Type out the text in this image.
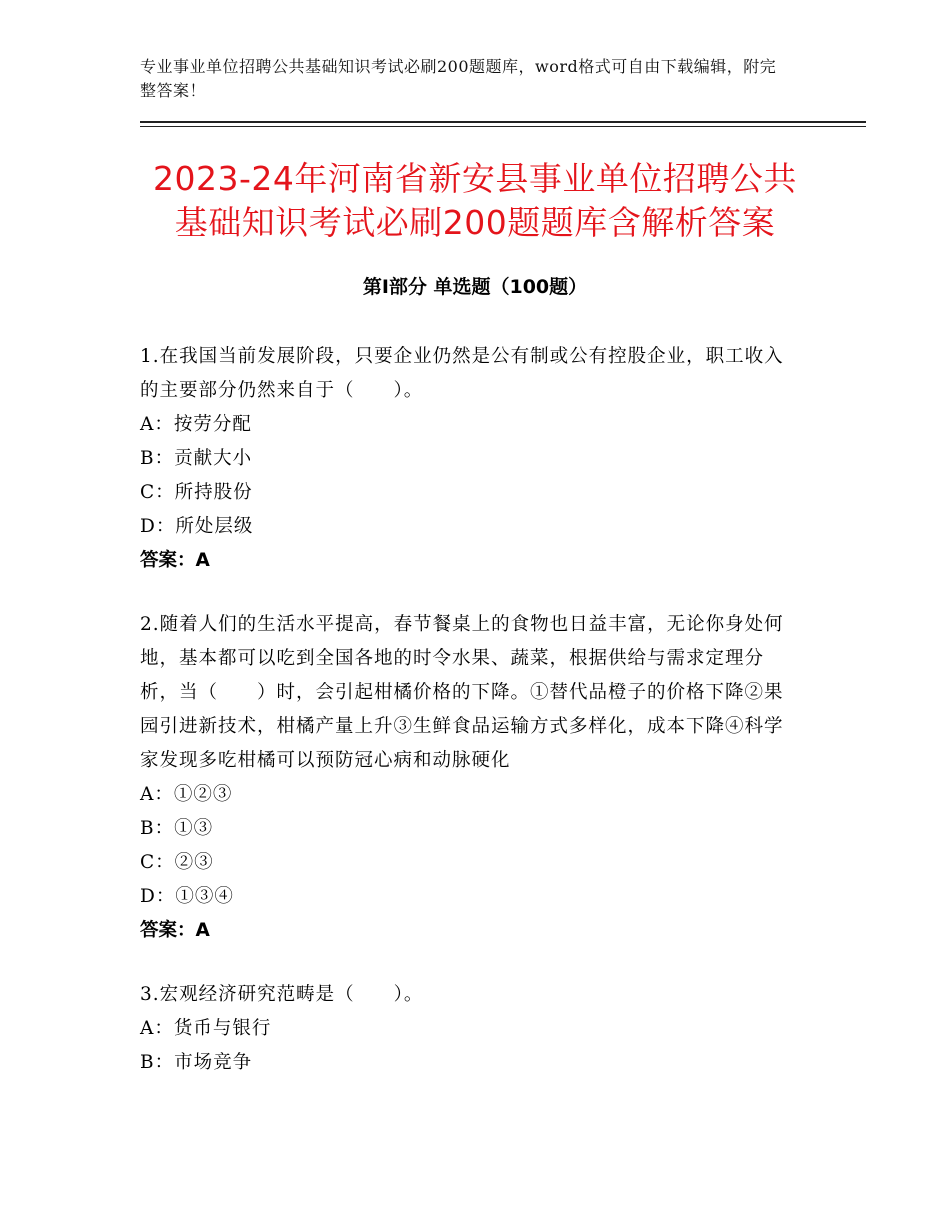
专业事业单位招聘公共基础知识考试必刷200题题库，word格式可自由下载编辑，附完整答案！
2023-24年河南省新安县事业单位招聘公共基础知识考试必刷200题题库含解析答案
第Ⅰ部分 单选题（100题）
1.在我国当前发展阶段，只要企业仍然是公有制或公有控股企业，职工收入的主要部分仍然来自于（　　）。
A：按劳分配
B：贡献大小
C：所持股份
D：所处层级
答案：A
2.随着人们的生活水平提高，春节餐桌上的食物也日益丰富，无论你身处何地，基本都可以吃到全国各地的时令水果、蔬菜，根据供给与需求定理分析，当（　　）时，会引起柑橘价格的下降。①替代品橙子的价格下降②果园引进新技术，柑橘产量上升③生鲜食品运输方式多样化，成本下降④科学家发现多吃柑橘可以预防冠心病和动脉硬化
A：①②③
B：①③
C：②③
D：①③④
答案：A
3.宏观经济研究范畴是（　　）。
A：货币与银行
B：市场竞争
